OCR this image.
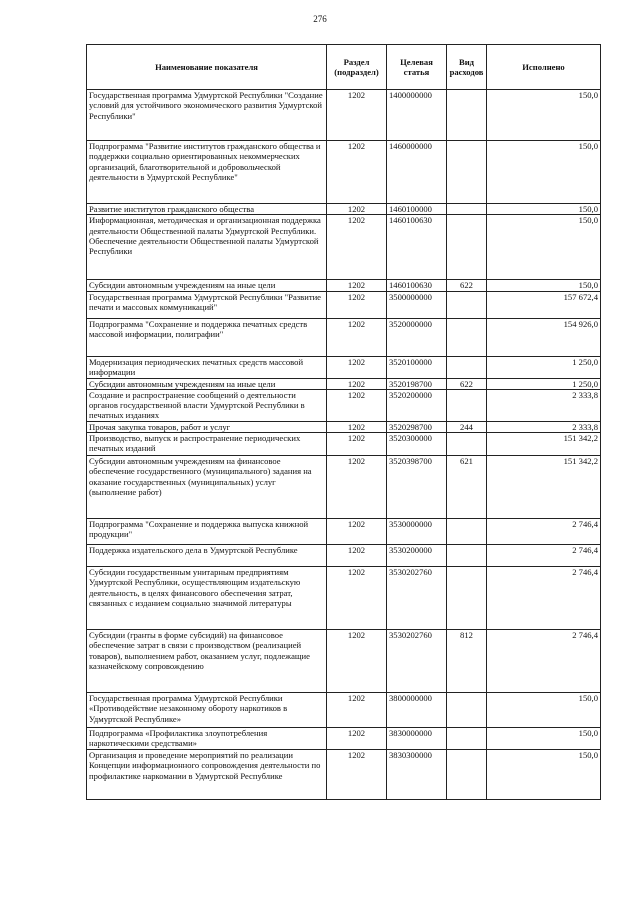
276
Наименование показателя	Раздел (подраздел)	Целевая статья	Вид расходов	Исполнено
Государственная программа Удмуртской Республики "Создание условий для устойчивого экономического развития Удмуртской Республики"	1202	1400000000		150,0
Подпрограмма "Развитие институтов гражданского общества и поддержки социально ориентированных некоммерческих организаций, благотворительной и добровольческой деятельности в Удмуртской Республике"	1202	1460000000		150,0
Развитие институтов гражданского общества	1202	1460100000		150,0
Информационная, методическая и организационная поддержка деятельности Общественной палаты Удмуртской Республики. Обеспечение деятельности Общественной палаты Удмуртской Республики	1202	1460100630		150,0
Субсидии автономным учреждениям на иные цели	1202	1460100630	622	150,0
Государственная программа Удмуртской Республики "Развитие печати и массовых коммуникаций"	1202	3500000000		157 672,4
Подпрограмма "Сохранение и поддержка печатных средств массовой информации, полиграфии"	1202	3520000000		154 926,0
Модернизация периодических печатных средств массовой информации	1202	3520100000		1 250,0
Субсидии автономным учреждениям на иные цели	1202	3520198700	622	1 250,0
Создание и распространение сообщений о деятельности органов государственной власти Удмуртской Республики в печатных изданиях	1202	3520200000		2 333,8
Прочая закупка товаров, работ и услуг	1202	3520298700	244	2 333,8
Производство, выпуск и распространение периодических печатных изданий	1202	3520300000		151 342,2
Субсидии автономным учреждениям на финансовое обеспечение государственного (муниципального) задания на оказание государственных (муниципальных) услуг (выполнение работ)	1202	3520398700	621	151 342,2
Подпрограмма "Сохранение и поддержка выпуска книжной продукции"	1202	3530000000		2 746,4
Поддержка издательского дела в Удмуртской Республике	1202	3530200000		2 746,4
Субсидии государственным унитарным предприятиям Удмуртской Республики, осуществляющим издательскую деятельность, в целях финансового обеспечения затрат, связанных с изданием социально значимой литературы	1202	3530202760		2 746,4
Субсидии (гранты в форме субсидий) на финансовое обеспечение затрат в связи с производством (реализацией товаров), выполнением работ, оказанием услуг, подлежащие казначейскому сопровождению	1202	3530202760	812	2 746,4
Государственная программа Удмуртской Республики «Противодействие незаконному обороту наркотиков в Удмуртской Республике»	1202	3800000000		150,0
Подпрограмма «Профилактика злоупотребления наркотическими средствами»	1202	3830000000		150,0
Организация и проведение мероприятий по реализации Концепции информационного сопровождения деятельности по профилактике наркомании в Удмуртской Республике	1202	3830300000		150,0
